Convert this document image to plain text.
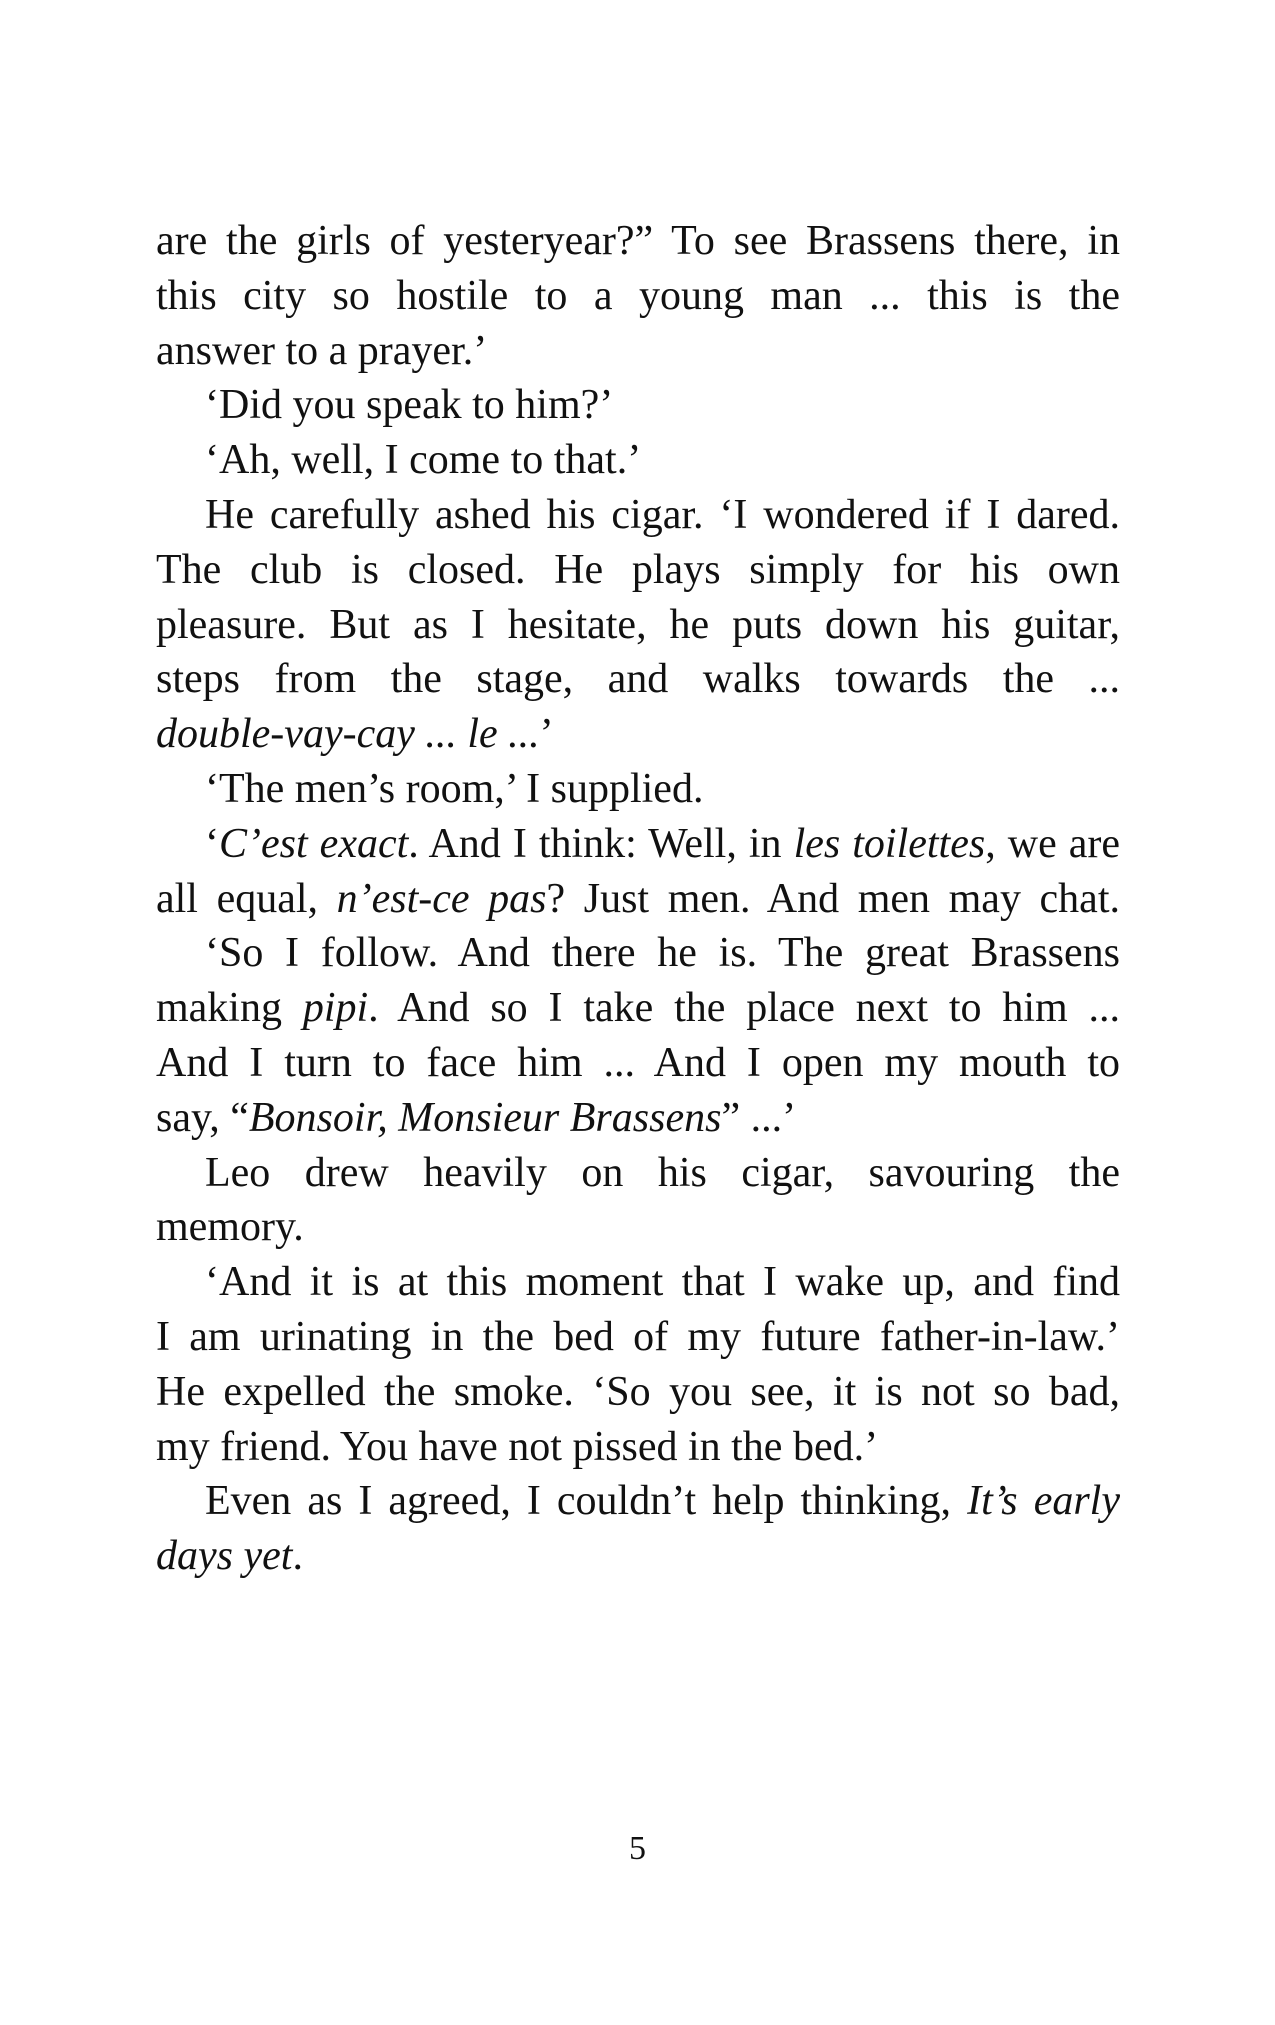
are the girls of yesteryear?” To see Brassens there, in
this city so hostile to a young man ... this is the
answer to a prayer.’
‘Did you speak to him?’
‘Ah, well, I come to that.’
He carefully ashed his cigar. ‘I wondered if I dared.
The club is closed. He plays simply for his own
pleasure. But as I hesitate, he puts down his guitar,
steps from the stage, and walks towards the ...
double-vay-cay ... le ...’
‘The men’s room,’ I supplied.
‘C’est exact. And I think: Well, in les toilettes, we are
all equal, n’est-ce pas? Just men. And men may chat.
‘So I follow. And there he is. The great Brassens
making pipi. And so I take the place next to him ...
And I turn to face him ... And I open my mouth to
say, “Bonsoir, Monsieur Brassens” ...’
Leo drew heavily on his cigar, savouring the
memory.
‘And it is at this moment that I wake up, and find
I am urinating in the bed of my future father-in-law.’
He expelled the smoke. ‘So you see, it is not so bad,
my friend. You have not pissed in the bed.’
Even as I agreed, I couldn’t help thinking, It’s early
days yet.
5
